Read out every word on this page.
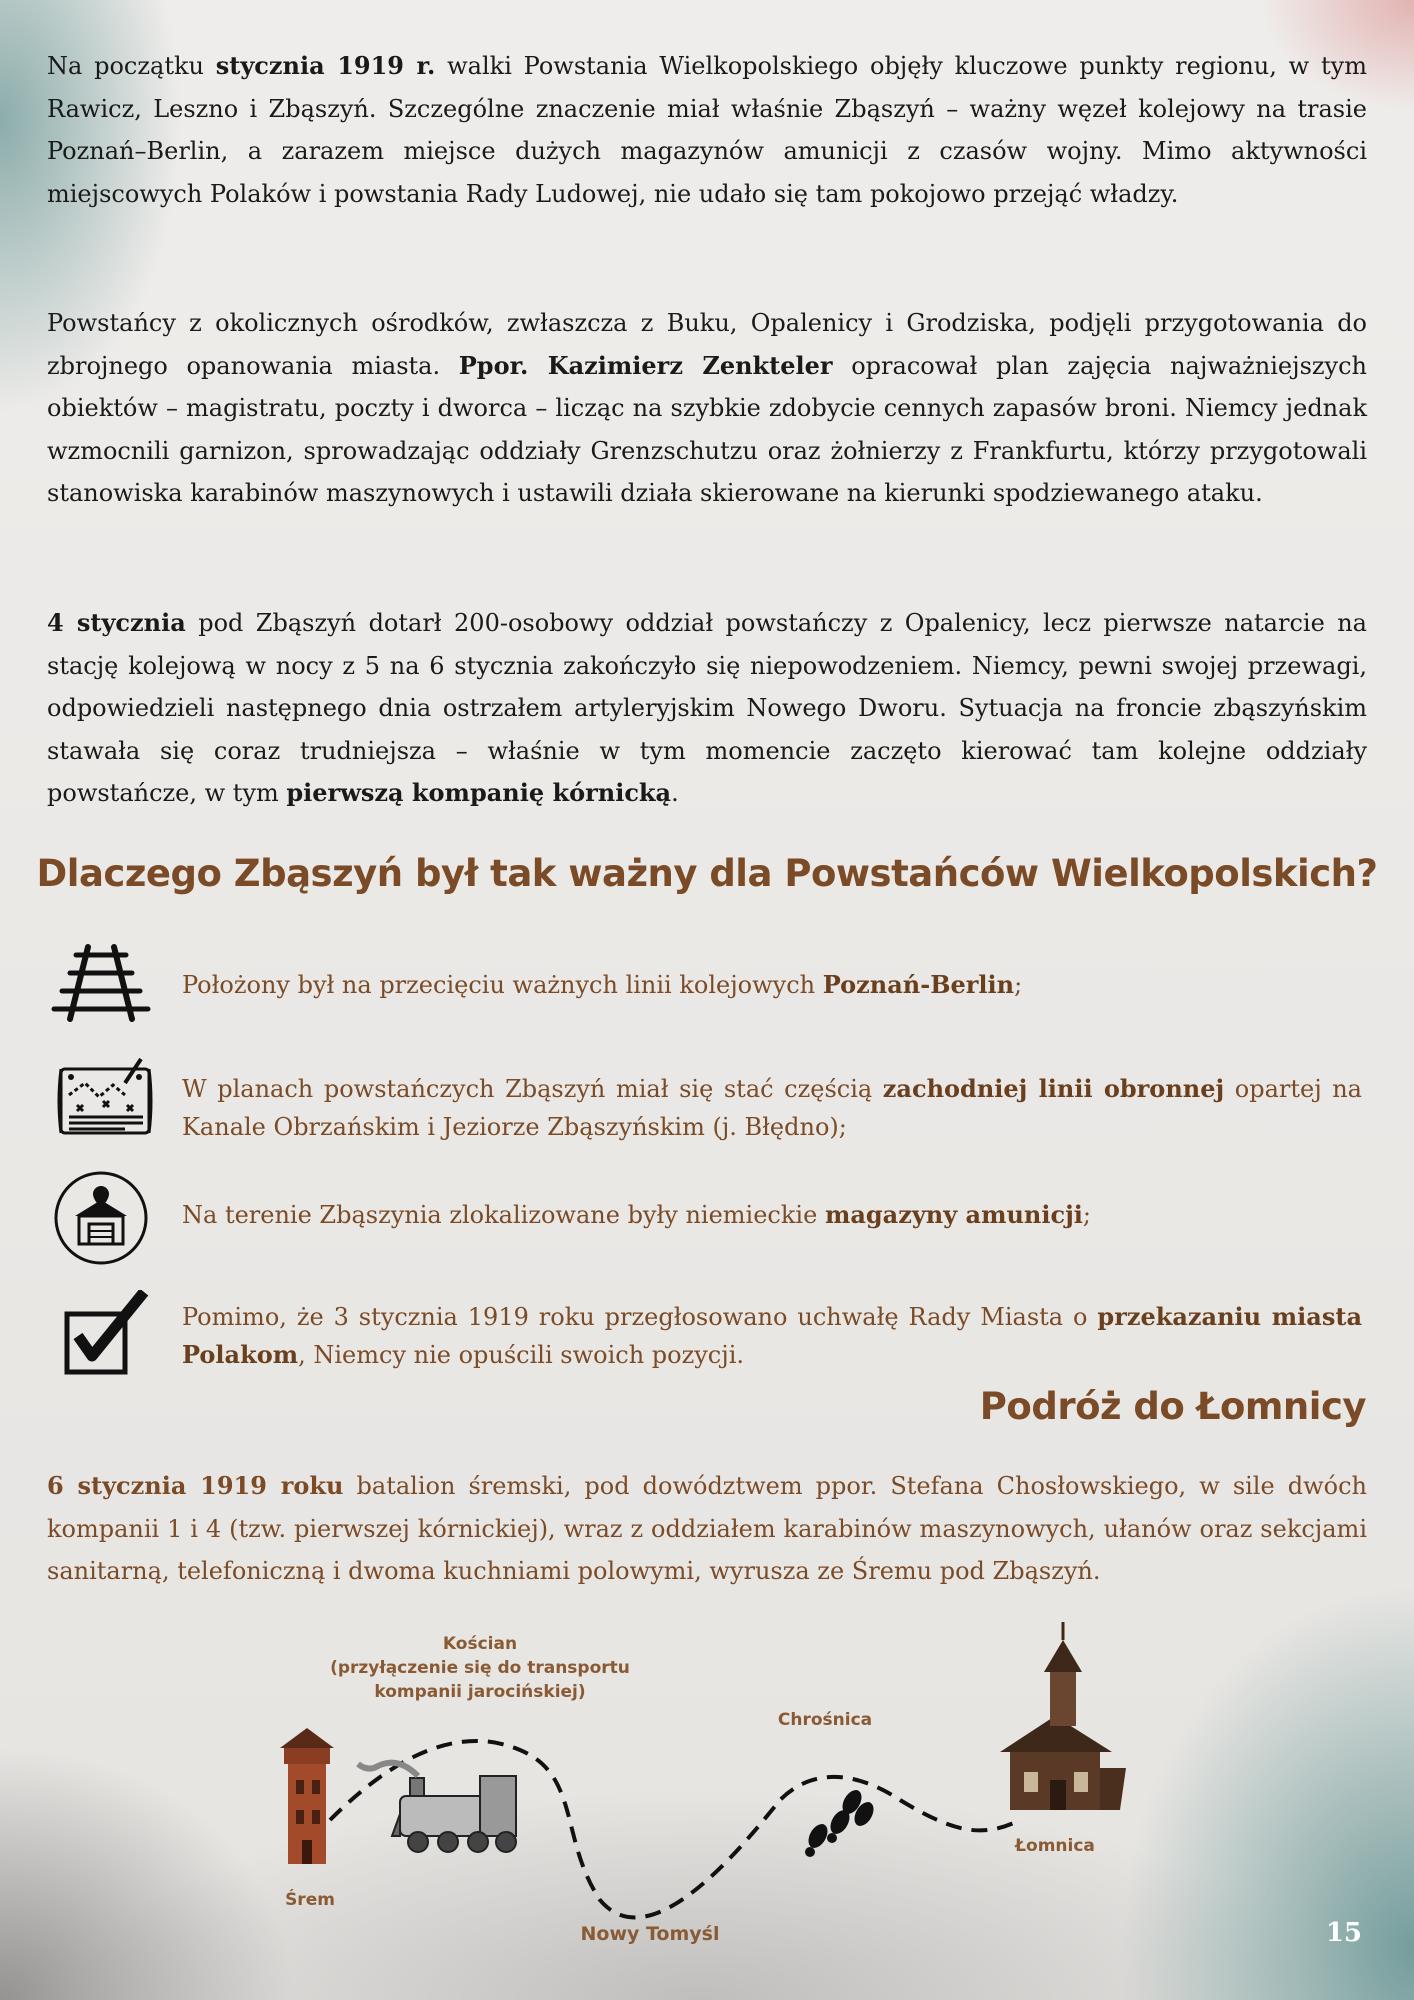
Na początku stycznia 1919 r. walki Powstania Wielkopolskiego objęły kluczowe punkty regionu, w tym Rawicz, Leszno i Zbąszyń. Szczególne znaczenie miał właśnie Zbąszyń – ważny węzeł kolejowy na trasie Poznań–Berlin, a zarazem miejsce dużych magazynów amunicji z czasów wojny. Mimo aktywności miejscowych Polaków i powstania Rady Ludowej, nie udało się tam pokojowo przejąć władzy.

Powstańcy z okolicznych ośrodków, zwłaszcza z Buku, Opalenicy i Grodziska, podjęli przygotowania do zbrojnego opanowania miasta. Ppor. Kazimierz Zenkteler opracował plan zajęcia najważniejszych obiektów – magistratu, poczty i dworca – licząc na szybkie zdobycie cennych zapasów broni. Niemcy jednak wzmocnili garnizon, sprowadzając oddziały Grenzschutzu oraz żołnierzy z Frankfurtu, którzy przygotowali stanowiska karabinów maszynowych i ustawili działa skierowane na kierunki spodziewanego ataku.

4 stycznia pod Zbąszyń dotarł 200-osobowy oddział powstańczy z Opalenicy, lecz pierwsze natarcie na stację kolejową w nocy z 5 na 6 stycznia zakończyło się niepowodzeniem. Niemcy, pewni swojej przewagi, odpowiedzieli następnego dnia ostrzałem artyleryjskim Nowego Dworu. Sytuacja na froncie zbąszyńskim stawała się coraz trudniejsza – właśnie w tym momencie zaczęto kierować tam kolejne oddziały powstańcze, w tym pierwszą kompanię kórnicką.

Dlaczego Zbąszyń był tak ważny dla Powstańców Wielkopolskich?

Położony był na przecięciu ważnych linii kolejowych Poznań-Berlin;

W planach powstańczych Zbąszyń miał się stać częścią zachodniej linii obronnej opartej na Kanale Obrzańskim i Jeziorze Zbąszyńskim (j. Błędno);

Na terenie Zbąszynia zlokalizowane były niemieckie magazyny amunicji;

Pomimo, że 3 stycznia 1919 roku przegłosowano uchwałę Rady Miasta o przekazaniu miasta Polakom, Niemcy nie opuścili swoich pozycji.

Podróż do Łomnicy

6 stycznia 1919 roku batalion śremski, pod dowództwem ppor. Stefana Chosłowskiego, w sile dwóch kompanii 1 i 4 (tzw. pierwszej kórnickiej), wraz z oddziałem karabinów maszynowych, ułanów oraz sekcjami sanitarną, telefoniczną i dwoma kuchniami polowymi, wyrusza ze Śremu pod Zbąszyń.

Śrem
Kościan
(przyłączenie się do transportu
kompanii jarocińskiej)
Nowy Tomyśl
Chrośnica
Łomnica
15
